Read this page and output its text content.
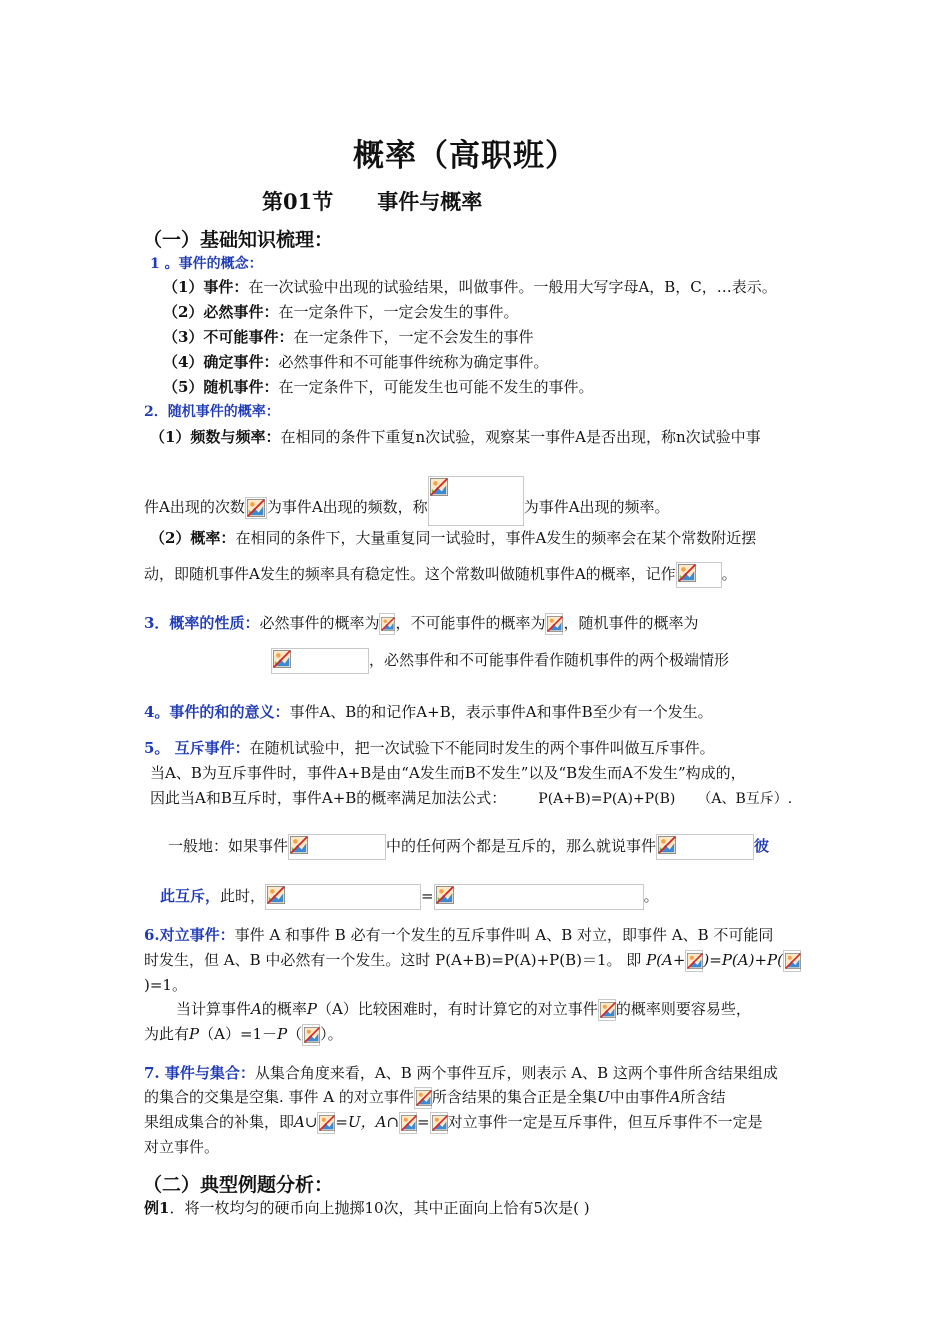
概率（高职班）
第01节 事件与概率
（一）基础知识梳理：
1 。事件的概念：
（1）事件：在一次试验中出现的试验结果，叫做事件。一般用大写字母A，B，C，…表示。
（2）必然事件：在一定条件下，一定会发生的事件。
（3）不可能事件：在一定条件下，一定不会发生的事件
（4）确定事件：必然事件和不可能事件统称为确定事件。
（5）随机事件：在一定条件下，可能发生也可能不发生的事件。
2．随机事件的概率：
（1）频数与频率：在相同的条件下重复n次试验，观察某一事件A是否出现，称n次试验中事
件A出现的次数 为事件A出现的频数，称	为事件A出现的频率。
（2）概率：在相同的条件下，大量重复同一试验时，事件A发生的频率会在某个常数附近摆
动，即随机事件A发生的频率具有稳定性。这个常数叫做随机事件A的概率，记作	。
3．概率的性质：必然事件的概率为 ，不可能事件的概率为 ，随机事件的概率为
，必然事件和不可能事件看作随机事件的两个极端情形
4。事件的和的意义：事件A、B的和记作A+B，表示事件A和事件B至少有一个发生。
5。 互斥事件：在随机试验中，把一次试验下不能同时发生的两个事件叫做互斥事件。
当A、B为互斥事件时，事件A+B是由“A发生而B不发生”以及“B发生而A不发生”构成的，
因此当A和B互斥时，事件A+B的概率满足加法公式： P(A+B)=P(A)+P(B) （A、B互斥）.
一般地：如果事件	中的任何两个都是互斥的，那么就说事件	彼
此互斥，此时，	=	。
6.对立事件：事件 A 和事件 B 必有一个发生的互斥事件叫 A、B 对立，即事件 A、B 不可能同
时发生，但 A、B 中必然有一个发生。这时 P(A+B)=P(A)+P(B)＝1。 即 P(A+ )=P(A)+P(
)=1。
当计算事件A的概率P（A）比较困难时，有时计算它的对立事件 的概率则要容易些，
为此有P（A）=1－P（ ）。
7. 事件与集合：从集合角度来看，A、B 两个事件互斥，则表示 A、B 这两个事件所含结果组成
的集合的交集是空集. 事件 A 的对立事件 所含结果的集合正是全集U中由事件A所含结
果组成集合的补集，即A∪ =U，A∩ = 对立事件一定是互斥事件，但互斥事件不一定是
对立事件。
（二）典型例题分析：
例1．将一枚均匀的硬币向上抛掷10次，其中正面向上恰有5次是( )
